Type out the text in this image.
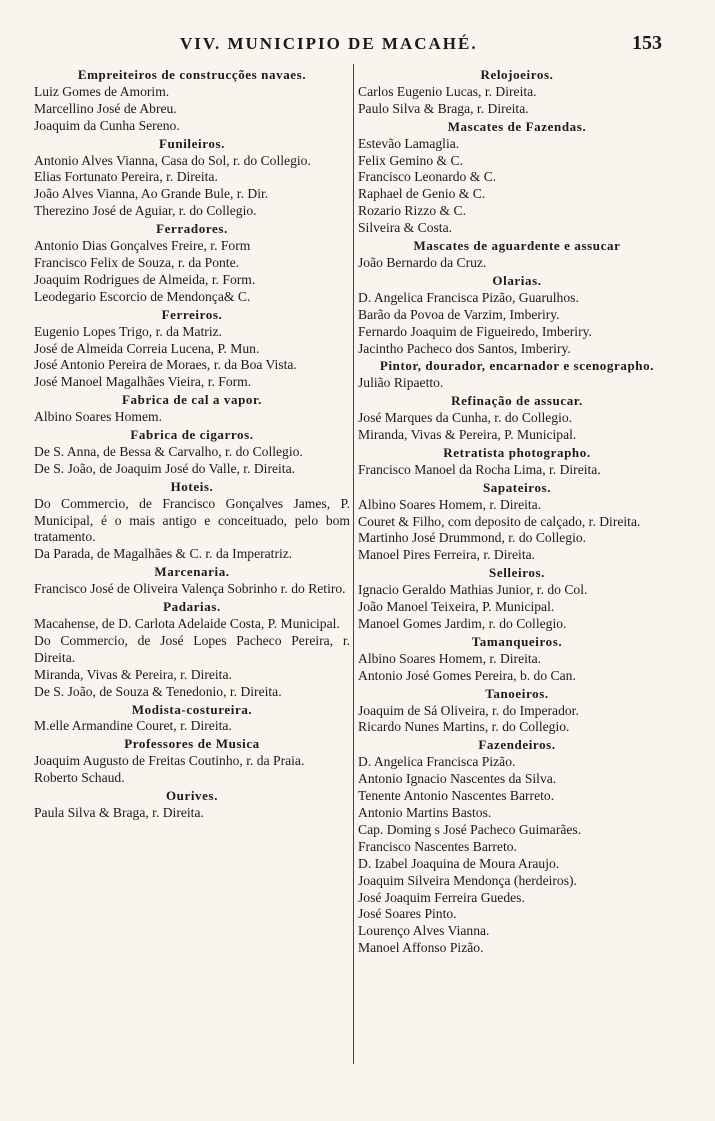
VIV. MUNICIPIO DE MACAHÉ.	153
Empreiteiros de construcções navaes.
Luiz Gomes de Amorim.
Marcellino José de Abreu.
Joaquim da Cunha Sereno.
Funileiros.
Antonio Alves Vianna, Casa do Sol, r. do Collegio.
Elias Fortunato Pereira, r. Direita.
João Alves Vianna, Ao Grande Bule, r. Dir.
Therezino José de Aguiar, r. do Collegio.
Ferradores.
Antonio Dias Gonçalves Freire, r. Form
Francisco Felix de Souza, r. da Ponte.
Joaquim Rodrigues de Almeida, r. Form.
Leodegario Escorcio de Mendonça& C.
Ferreiros.
Eugenio Lopes Trigo, r. da Matriz.
José de Almeida Correia Lucena, P. Mun.
José Antonio Pereira de Moraes, r. da Boa Vista.
José Manoel Magalhães Vieira, r. Form.
Fabrica de cal a vapor.
Albino Soares Homem.
Fabrica de cigarros.
De S. Anna, de Bessa & Carvalho, r. do Collegio.
De S. João, de Joaquim José do Valle, r. Direita.
Hoteis.
Do Commercio, de Francisco Gonçalves James, P. Municipal, é o mais antigo e conceituado, pelo bom tratamento.
Da Parada, de Magalhães & C. r. da Imperatriz.
Marcenaria.
Francisco José de Oliveira Valença Sobrinho r. do Retiro.
Padarias.
Macahense, de D. Carlota Adelaide Costa, P. Municipal.
Do Commercio, de José Lopes Pacheco Pereira, r. Direita.
Miranda, Vivas & Pereira, r. Direita.
De S. João, de Souza & Tenedonio, r. Direita.
Modista-costureira.
M.elle Armandine Couret, r. Direita.
Professores de Musica
Joaquim Augusto de Freitas Coutinho, r. da Praia.
Roberto Schaud.
Ourives.
Paula Silva & Braga, r. Direita.
Relojoeiros.
Carlos Eugenio Lucas, r. Direita.
Paulo Silva & Braga, r. Direita.
Mascates de Fazendas.
Estevão Lamaglia.
Felix Gemino & C.
Francisco Leonardo & C.
Raphael de Genio & C.
Rozario Rizzo & C.
Silveira & Costa.
Mascates de aguardente e assucar
João Bernardo da Cruz.
Olarias.
D. Angelica Francisca Pizão, Guarulhos.
Barão da Povoa de Varzim, Imberiry.
Fernardo Joaquim de Figueiredo, Imberiry.
Jacintho Pacheco dos Santos, Imberiry.
Pintor, dourador, encarnador e scenographo.
Julião Ripaetto.
Refinação de assucar.
José Marques da Cunha, r. do Collegio.
Miranda, Vivas & Pereira, P. Municipal.
Retratista photographo.
Francisco Manoel da Rocha Lima, r. Direita.
Sapateiros.
Albino Soares Homem, r. Direita.
Couret & Filho, com deposito de calçado, r. Direita.
Martinho José Drummond, r. do Collegio.
Manoel Pires Ferreira, r. Direita.
Selleiros.
Ignacio Geraldo Mathias Junior, r. do Col.
João Manoel Teixeira, P. Municipal.
Manoel Gomes Jardim, r. do Collegio.
Tamanqueiros.
Albino Soares Homem, r. Direita.
Antonio José Gomes Pereira, b. do Can.
Tanoeiros.
Joaquim de Sá Oliveira, r. do Imperador.
Ricardo Nunes Martins, r. do Collegio.
Fazendeiros.
D. Angelica Francisca Pizão.
Antonio Ignacio Nascentes da Silva.
Tenente Antonio Nascentes Barreto.
Antonio Martins Bastos.
Cap. Doming s José Pacheco Guimarães.
Francisco Nascentes Barreto.
D. Izabel Joaquina de Moura Araujo.
Joaquim Silveira Mendonça (herdeiros).
José Joaquim Ferreira Guedes.
José Soares Pinto.
Lourenço Alves Vianna.
Manoel Affonso Pizão.
